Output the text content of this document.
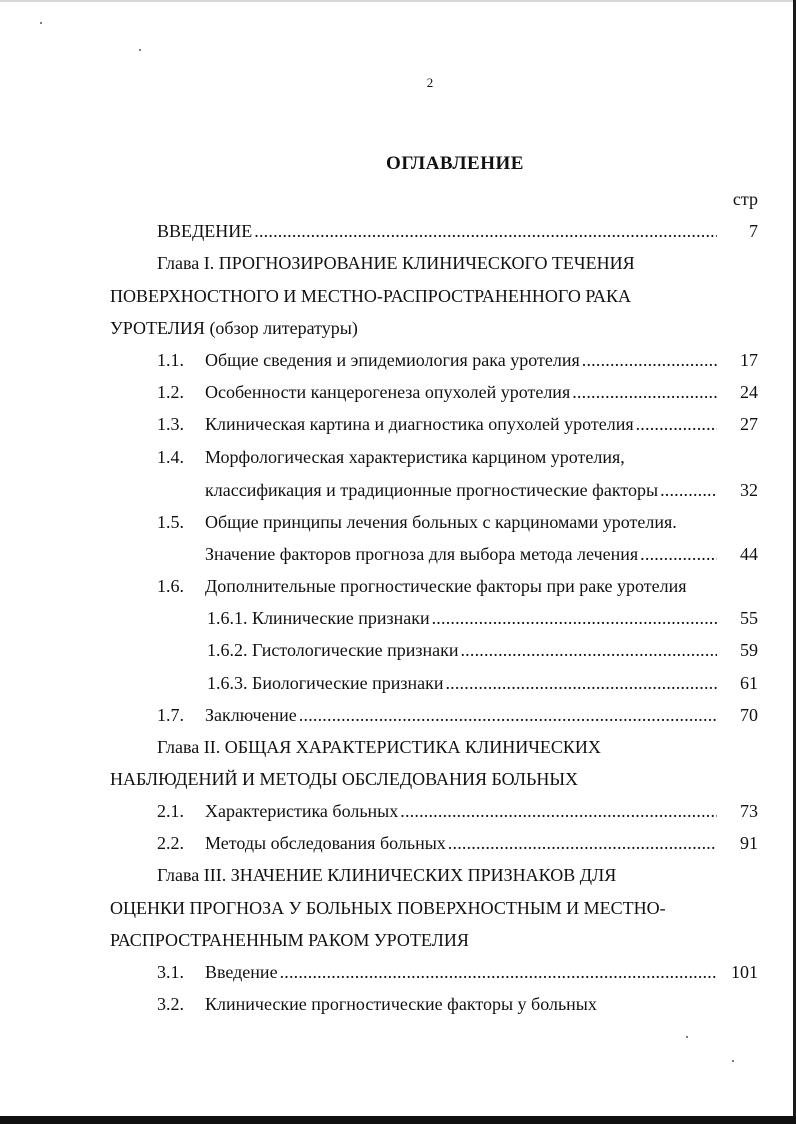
2
ОГЛАВЛЕНИЕ
стр
ВВЕДЕНИЕ .....	7
Глава I. ПРОГНОЗИРОВАНИЕ КЛИНИЧЕСКОГО ТЕЧЕНИЯ
ПОВЕРХНОСТНОГО И МЕСТНО-РАСПРОСТРАНЕННОГО РАКА
УРОТЕЛИЯ (обзор литературы)
1.1.	Общие сведения и эпидемиология рака уротелия .....	17
1.2.	Особенности канцерогенеза опухолей уротелия .....	24
1.3.	Клиническая картина и диагностика опухолей уротелия .....	27
1.4.	Морфологическая характеристика карцином уротелия,
классификация и традиционные прогностические факторы .....	32
1.5.	Общие принципы лечения больных с карциномами уротелия.
Значение факторов прогноза для выбора метода лечения .....	44
1.6.	Дополнительные прогностические факторы при раке уротелия
1.6.1. Клинические признаки .....	55
1.6.2. Гистологические признаки .....	59
1.6.3. Биологические признаки .....	61
1.7.	Заключение .....	70
Глава II. ОБЩАЯ ХАРАКТЕРИСТИКА КЛИНИЧЕСКИХ
НАБЛЮДЕНИЙ И МЕТОДЫ ОБСЛЕДОВАНИЯ БОЛЬНЫХ
2.1.	Характеристика больных .....	73
2.2.	Методы обследования больных .....	91
Глава III. ЗНАЧЕНИЕ КЛИНИЧЕСКИХ ПРИЗНАКОВ ДЛЯ
ОЦЕНКИ ПРОГНОЗА У БОЛЬНЫХ ПОВЕРХНОСТНЫМ И МЕСТНО-
РАСПРОСТРАНЕННЫМ РАКОМ УРОТЕЛИЯ
3.1.	Введение .....	101
3.2.	Клинические прогностические факторы у больных
